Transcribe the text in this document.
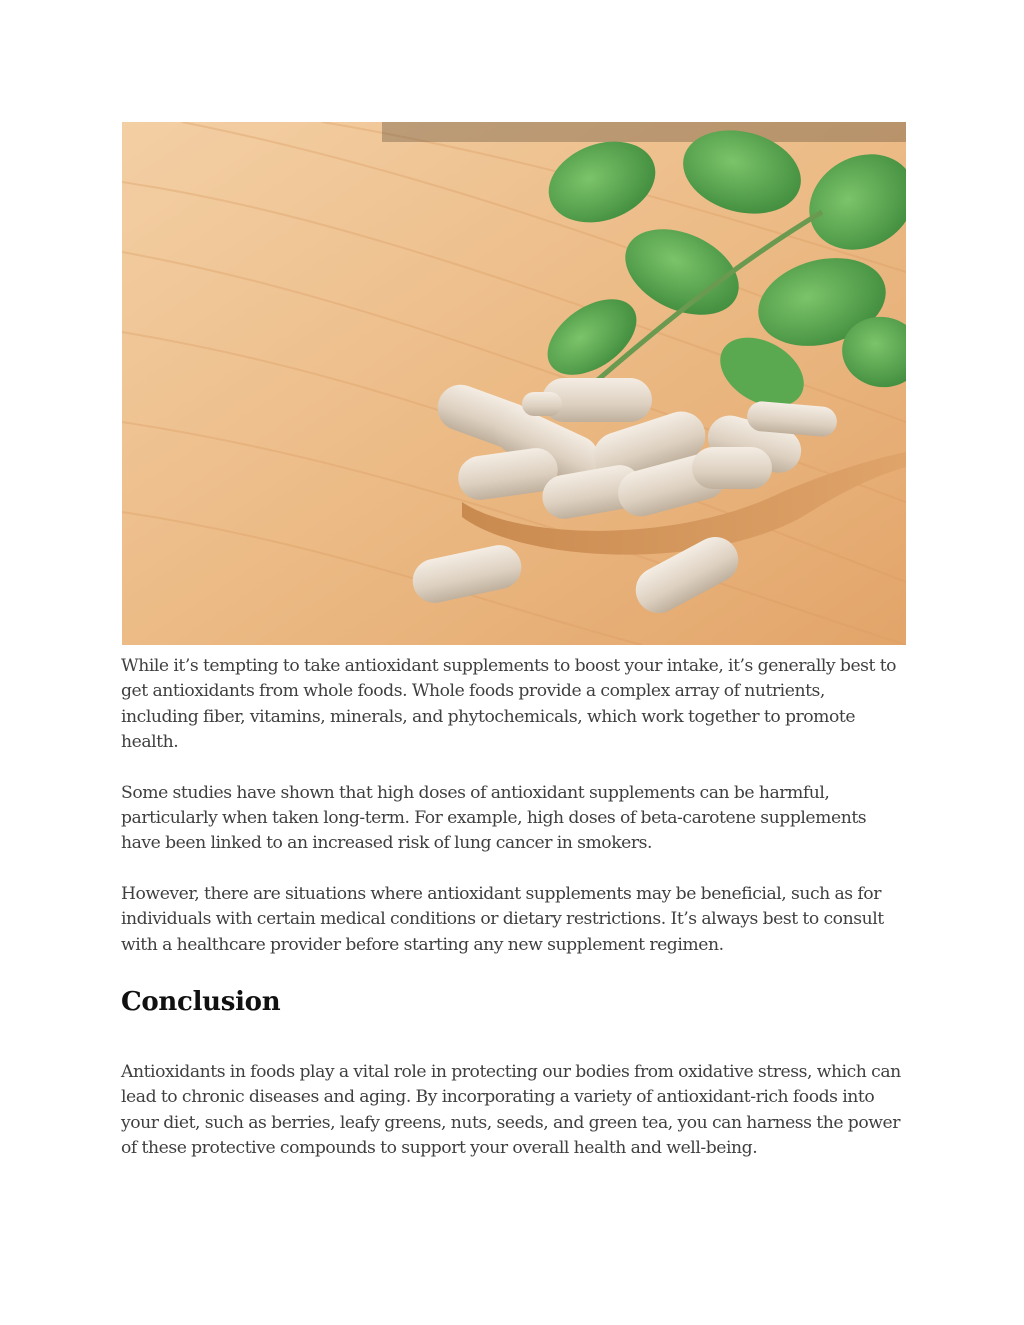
While it’s tempting to take antioxidant supplements to boost your intake, it’s generally best to get antioxidants from whole foods. Whole foods provide a complex array of nutrients, including fiber, vitamins, minerals, and phytochemicals, which work together to promote health.

Some studies have shown that high doses of antioxidant supplements can be harmful, particularly when taken long-term. For example, high doses of beta-carotene supplements have been linked to an increased risk of lung cancer in smokers.

However, there are situations where antioxidant supplements may be beneficial, such as for individuals with certain medical conditions or dietary restrictions. It’s always best to consult with a healthcare provider before starting any new supplement regimen.

Conclusion

Antioxidants in foods play a vital role in protecting our bodies from oxidative stress, which can lead to chronic diseases and aging. By incorporating a variety of antioxidant-rich foods into your diet, such as berries, leafy greens, nuts, seeds, and green tea, you can harness the power of these protective compounds to support your overall health and well-being.
